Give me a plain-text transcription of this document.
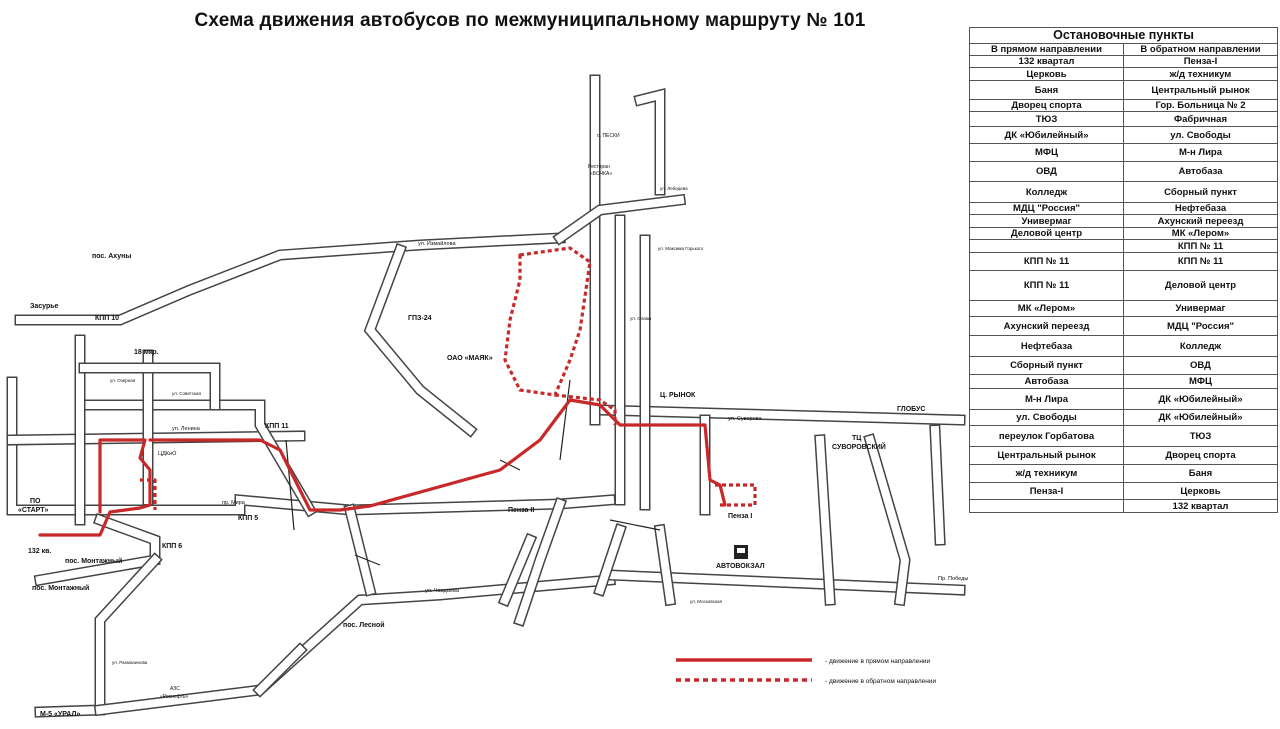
Схема движения автобусов по межмуниципальному маршруту № 101
- движение в прямом направлении
- движение в обратном направлении
пос. Ахуны
Засурье
КПП 10
18 мкр.
КПП 11
КПП 5
КПП 6
132 кв.
пос. Монтажный
пос. Монтажный
М-5 «УРАЛ»
пос. Лесной
ГПЗ-24
ОАО «МАЯК»
Пенза II
Пенза I
Ц. РЫНОК
АВТОВОКЗАЛ
ГЛОБУС
ТЦ
СУВОРОВСКИЙ
ПО
«СТАРТ»
ЦДКиО
о. ПЕСКИ
Ресторан
«БОЧКА»
АЗС
«Роснефть»
ул. Измайлова
ул. Суворова
ул. Ленина
пр. Мира
ул. Чаадаева
Пр. Победы
ул. Озерная
ул. Советская
ул. Славы
ул. Максима Горького
ул. Лебедева
ул. Рахманинова
ул. Московская
Остановочные пункты	
В прямом направлении	В обратном направлении
132 квартал	Пенза-I
Церковь	ж/д техникум
Баня	Центральный рынок
Дворец спорта	Гор. Больница № 2
ТЮЗ	Фабричная
ДК «Юбилейный»	ул. Свободы
МФЦ	М-н Лира
ОВД	Автобаза
Колледж	Сборный пункт
МДЦ "Россия"	Нефтебаза
Универмаг	Ахунский переезд
Деловой центр	МК «Лером»
	КПП № 11
КПП № 11	КПП № 11
КПП № 11	Деловой центр
МК «Лером»	Универмаг
Ахунский переезд	МДЦ "Россия"
Нефтебаза	Колледж
Сборный пункт	ОВД
Автобаза	МФЦ
М-н Лира	ДК «Юбилейный»
ул. Свободы	ДК «Юбилейный»
переулок Горбатова	ТЮЗ
Центральный рынок	Дворец спорта
ж/д техникум	Баня
Пенза-I	Церковь
	132 квартал
